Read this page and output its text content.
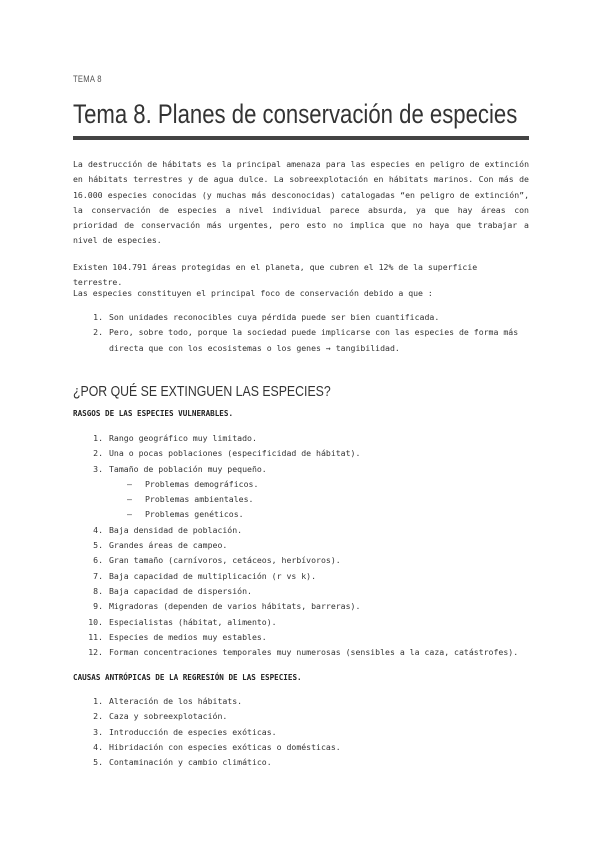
TEMA 8
Tema 8. Planes de conservación de especies

La destrucción de hábitats es la principal amenaza para las especies en peligro de extinción en hábitats terrestres y de agua dulce. La sobreexplotación en hábitats marinos. Con más de 16.000 especies conocidas (y muchas más desconocidas) catalogadas “en peligro de extinción”, la conservación de especies a nivel individual parece absurda, ya que hay áreas con prioridad de conservación más urgentes, pero esto no implica que no haya que trabajar a nivel de especies.

Existen 104.791 áreas protegidas en el planeta, que cubren el 12% de la superficie terrestre.

Las especies constituyen el principal foco de conservación debido a que :

1. Son unidades reconocibles cuya pérdida puede ser bien cuantificada.
2. Pero, sobre todo, porque la sociedad puede implicarse con las especies de forma más directa que con los ecosistemas o los genes → tangibilidad.
¿POR QUÉ SE EXTINGUEN LAS ESPECIES?
RASGOS DE LAS ESPECIES VULNERABLES.
1. Rango geográfico muy limitado.
2. Una o pocas poblaciones (especificidad de hábitat).
3. Tamaño de población muy pequeño.
– Problemas demográficos.
– Problemas ambientales.
– Problemas genéticos.
4. Baja densidad de población.
5. Grandes áreas de campeo.
6. Gran tamaño (carnívoros, cetáceos, herbívoros).
7. Baja capacidad de multiplicación (r vs k).
8. Baja capacidad de dispersión.
9. Migradoras (dependen de varios hábitats, barreras).
10. Especialistas (hábitat, alimento).
11. Especies de medios muy estables.
12. Forman concentraciones temporales muy numerosas (sensibles a la caza, catástrofes).
CAUSAS ANTRÓPICAS DE LA REGRESIÓN DE LAS ESPECIES.
1. Alteración de los hábitats.
2. Caza y sobreexplotación.
3. Introducción de especies exóticas.
4. Hibridación con especies exóticas o domésticas.
5. Contaminación y cambio climático.
